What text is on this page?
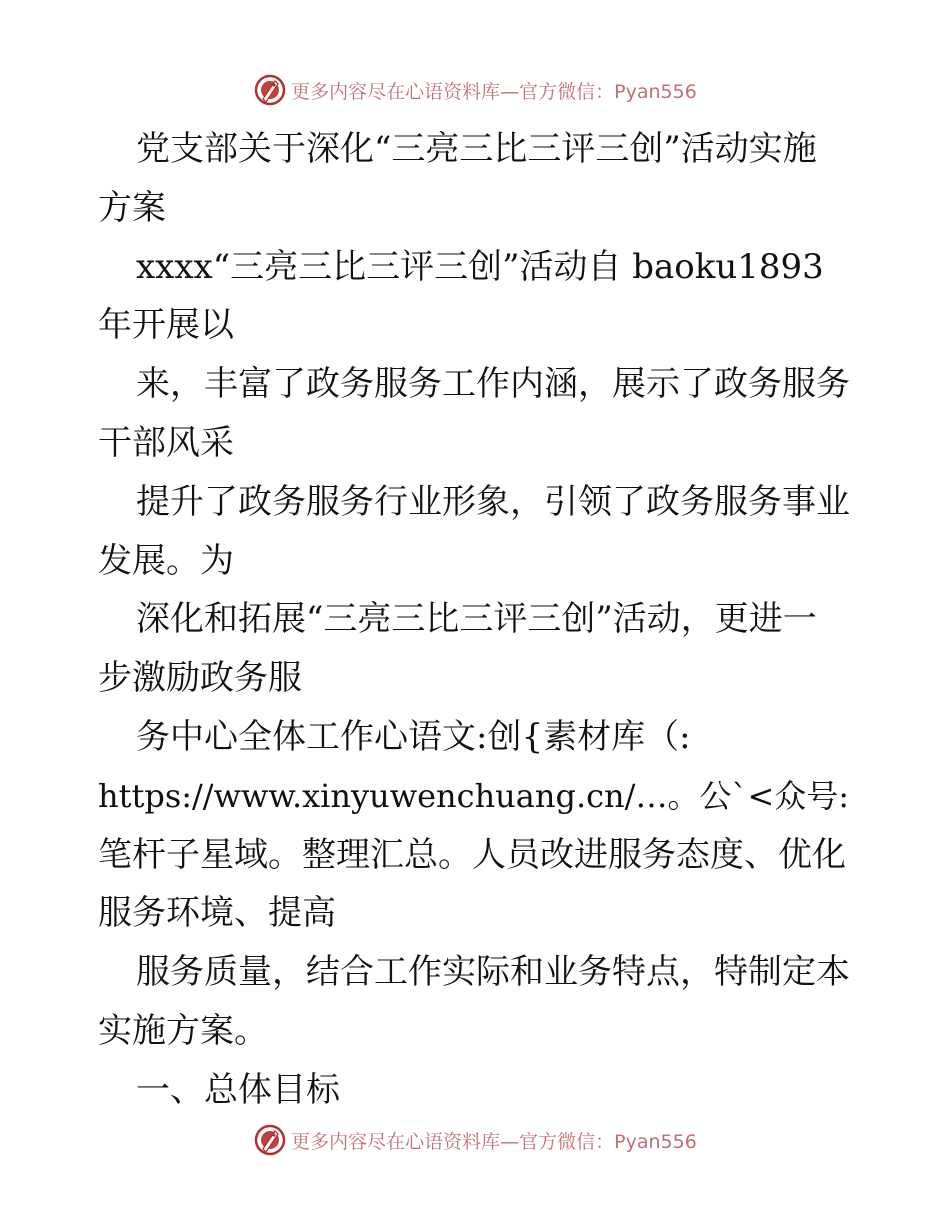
更多内容尽在心语资料库—官方微信：Pyan556

党支部关于深化“三亮三比三评三创”活动实施

方案

xxxx“三亮三比三评三创”活动自 baoku1893

年开展以

来，丰富了政务服务工作内涵，展示了政务服务

干部风采

提升了政务服务行业形象，引领了政务服务事业

发展。为

深化和拓展“三亮三比三评三创”活动，更进一

步激励政务服

务中心全体工作心语文:创{素材库（:

https://www.xinyuwenchuang.cn/…。公`<众号:

笔杆子星域。整理汇总。人员改进服务态度、优化

服务环境、提高

服务质量，结合工作实际和业务特点，特制定本

实施方案。

一、总体目标

更多内容尽在心语资料库—官方微信：Pyan556
